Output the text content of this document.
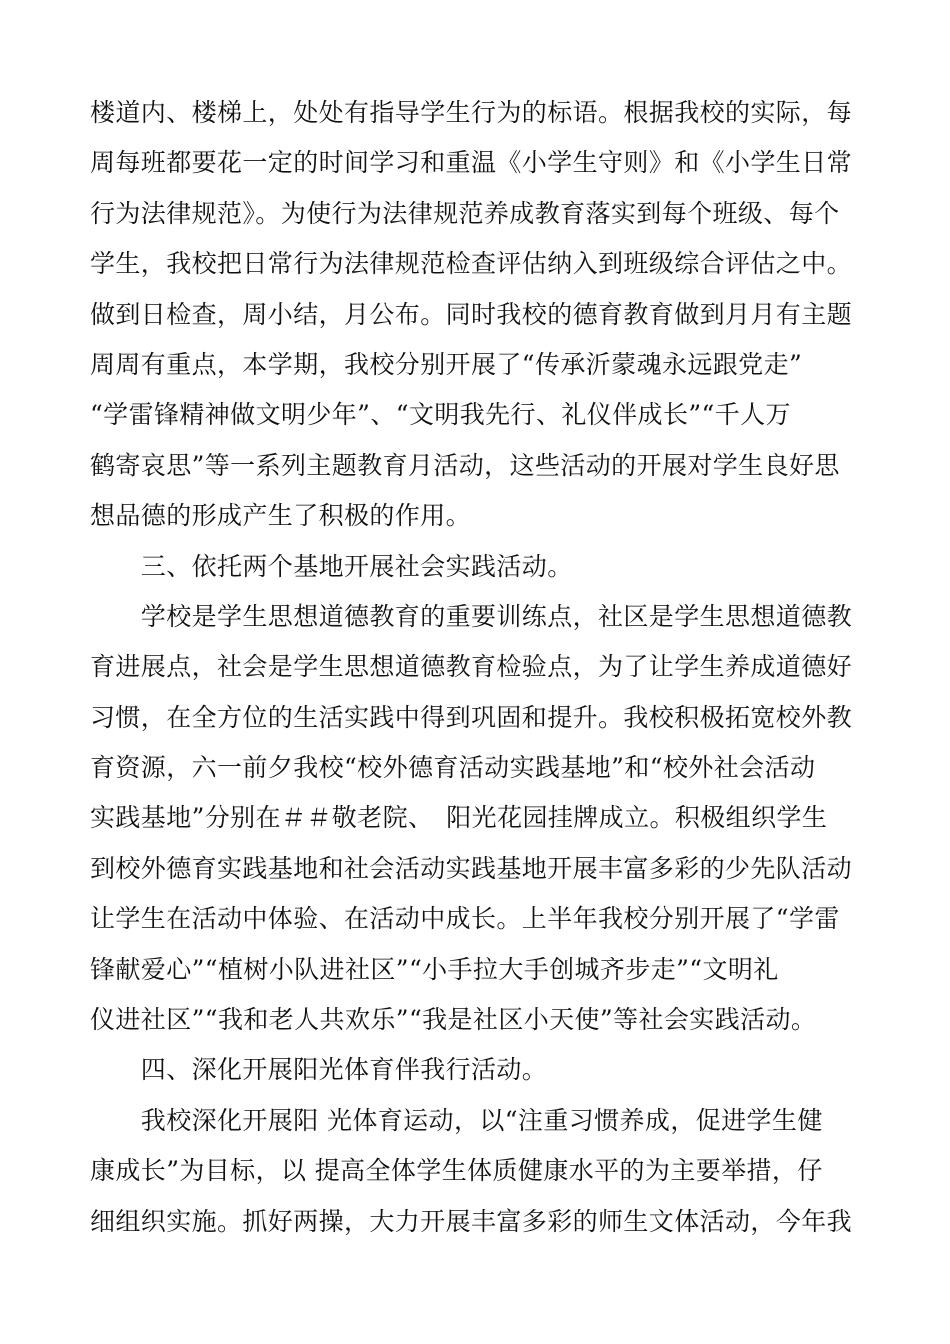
楼道内、楼梯上，处处有指导学生行为的标语。根据我校的实际，每
周每班都要花一定的时间学习和重温《小学生守则》和《小学生日常
行为法律规范》。为使行为法律规范养成教育落实到每个班级、每个
学生，我校把日常行为法律规范检查评估纳入到班级综合评估之中。
做到日检查，周小结，月公布。同时我校的德育教育做到月月有主题
周周有重点，本学期，我校分别开展了“传承沂蒙魂永远跟党走”
“学雷锋精神做文明少年”、“文明我先行、礼仪伴成长”“千人万
鹤寄哀思”等一系列主题教育月活动，这些活动的开展对学生良好思
想品德的形成产生了积极的作用。
　　三、依托两个基地开展社会实践活动。
　　学校是学生思想道德教育的重要训练点，社区是学生思想道德教
育进展点，社会是学生思想道德教育检验点，为了让学生养成道德好
习惯，在全方位的生活实践中得到巩固和提升。我校积极拓宽校外教
育资源，六一前夕我校“校外德育活动实践基地”和“校外社会活动
实践基地”分别在＃＃敬老院、　阳光花园挂牌成立。积极组织学生
到校外德育实践基地和社会活动实践基地开展丰富多彩的少先队活动
让学生在活动中体验、在活动中成长。上半年我校分别开展了“学雷
锋献爱心”“植树小队进社区”“小手拉大手创城齐步走”“文明礼
仪进社区”“我和老人共欢乐”“我是社区小天使”等社会实践活动。
　　四、深化开展阳光体育伴我行活动。
　　我校深化开展阳 光体育运动，以“注重习惯养成，促进学生健
康成长”为目标，以 提高全体学生体质健康水平的为主要举措，仔
细组织实施。抓好两操，大力开展丰富多彩的师生文体活动，今年我
